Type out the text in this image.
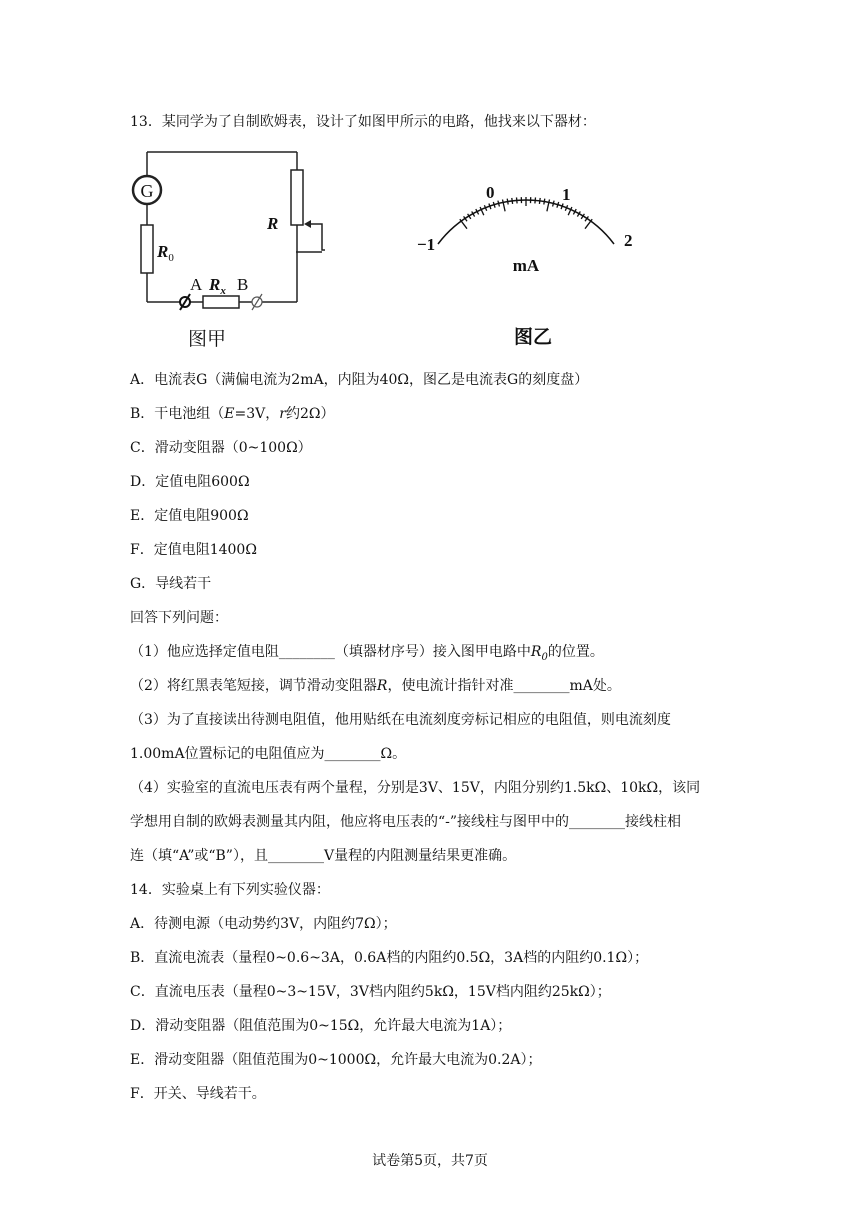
13．某同学为了自制欧姆表，设计了如图甲所示的电路，他找来以下器材：
G
$R_0$
R
A $R_x$ B
图甲
−1
0	1
2
mA
图乙
A．电流表G（满偏电流为2mA，内阻为40Ω，图乙是电流表G的刻度盘）
B．干电池组（E=3V，r约2Ω）
C．滑动变阻器（0~100Ω）
D．定值电阻600Ω
E．定值电阻900Ω
F．定值电阻1400Ω
G．导线若干
回答下列问题：
（1）他应选择定值电阻________（填器材序号）接入图甲电路中$R_0$的位置。
（2）将红黑表笔短接，调节滑动变阻器R，使电流计指针对准________mA处。
（3）为了直接读出待测电阻值，他用贴纸在电流刻度旁标记相应的电阻值，则电流刻度
1.00mA位置标记的电阻值应为________Ω。
（4）实验室的直流电压表有两个量程，分别是3V、15V，内阻分别约1.5kΩ、10kΩ，该同
学想用自制的欧姆表测量其内阻，他应将电压表的“-”接线柱与图甲中的________接线柱相
连（填“A”或“B”），且________V量程的内阻测量结果更准确。
14．实验桌上有下列实验仪器：
A．待测电源（电动势约3V，内阻约7Ω）；
B．直流电流表（量程0~0.6~3A，0.6A档的内阻约0.5Ω，3A档的内阻约0.1Ω）；
C．直流电压表（量程0~3~15V，3V档内阻约5kΩ，15V档内阻约25kΩ）；
D．滑动变阻器（阻值范围为0~15Ω，允许最大电流为1A）；
E．滑动变阻器（阻值范围为0~1000Ω，允许最大电流为0.2A）；
F．开关、导线若干。
试卷第5页，共7页
